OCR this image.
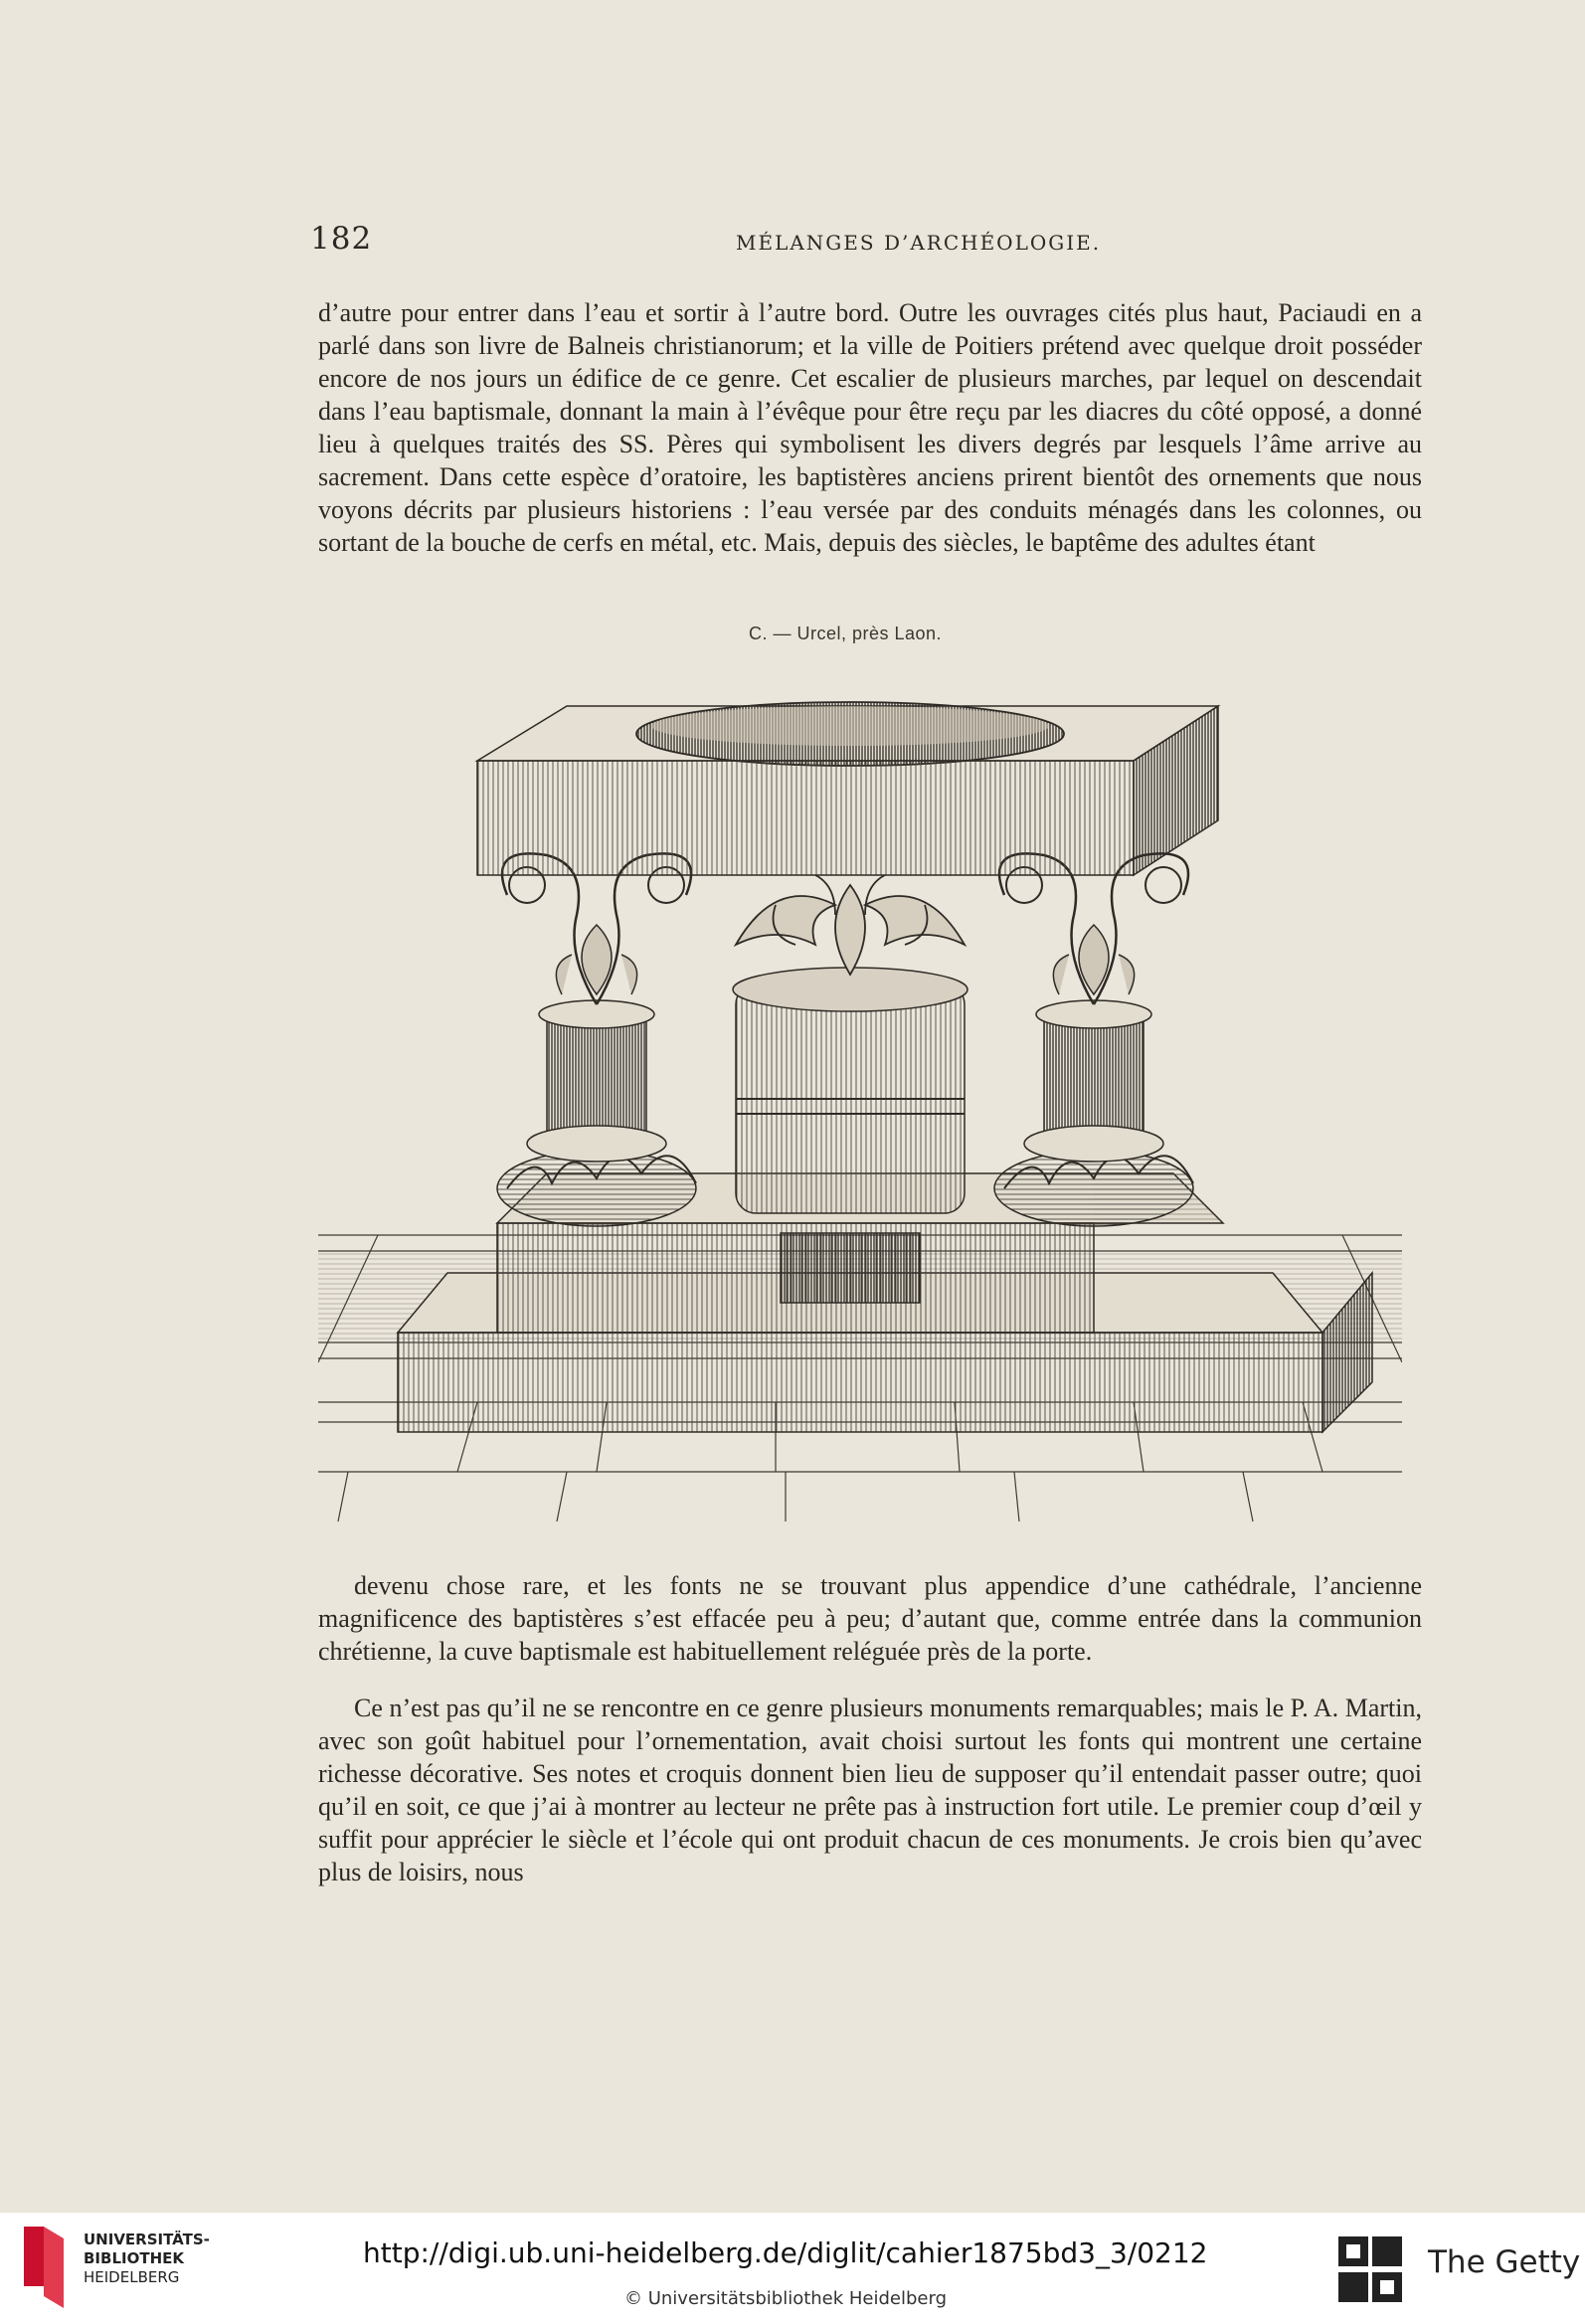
182	MÉLANGES D’ARCHÉOLOGIE.

d’autre pour entrer dans l’eau et sortir à l’autre bord. Outre les ouvrages cités plus haut, Paciaudi en a parlé dans son livre de Balneis christianorum; et la ville de Poitiers prétend avec quelque droit posséder encore de nos jours un édifice de ce genre. Cet escalier de plusieurs marches, par lequel on descendait dans l’eau baptismale, donnant la main à l’évêque pour être reçu par les diacres du côté opposé, a donné lieu à quelques traités des SS. Pères qui symbolisent les divers degrés par lesquels l’âme arrive au sacrement. Dans cette espèce d’oratoire, les baptistères anciens prirent bientôt des ornements que nous voyons décrits par plusieurs historiens : l’eau versée par des conduits ménagés dans les colonnes, ou sortant de la bouche de cerfs en métal, etc. Mais, depuis des siècles, le baptême des adultes étant

C. — Urcel, près Laon.

devenu chose rare, et les fonts ne se trouvant plus appendice d’une cathédrale, l’ancienne magnificence des baptistères s’est effacée peu à peu; d’autant que, comme entrée dans la communion chrétienne, la cuve baptismale est habituellement reléguée près de la porte.

Ce n’est pas qu’il ne se rencontre en ce genre plusieurs monuments remarquables; mais le P. A. Martin, avec son goût habituel pour l’ornementation, avait choisi surtout les fonts qui montrent une certaine richesse décorative. Ses notes et croquis donnent bien lieu de supposer qu’il entendait passer outre; quoi qu’il en soit, ce que j’ai à montrer au lecteur ne prête pas à instruction fort utile. Le premier coup d’œil y suffit pour apprécier le siècle et l’école qui ont produit chacun de ces monuments. Je crois bien qu’avec plus de loisirs, nous

UNIVERSITÄTS-
BIBLIOTHEK
HEIDELBERG
http://digi.ub.uni-heidelberg.de/diglit/cahier1875bd3_3/0212
© Universitätsbibliothek Heidelberg
The Getty
